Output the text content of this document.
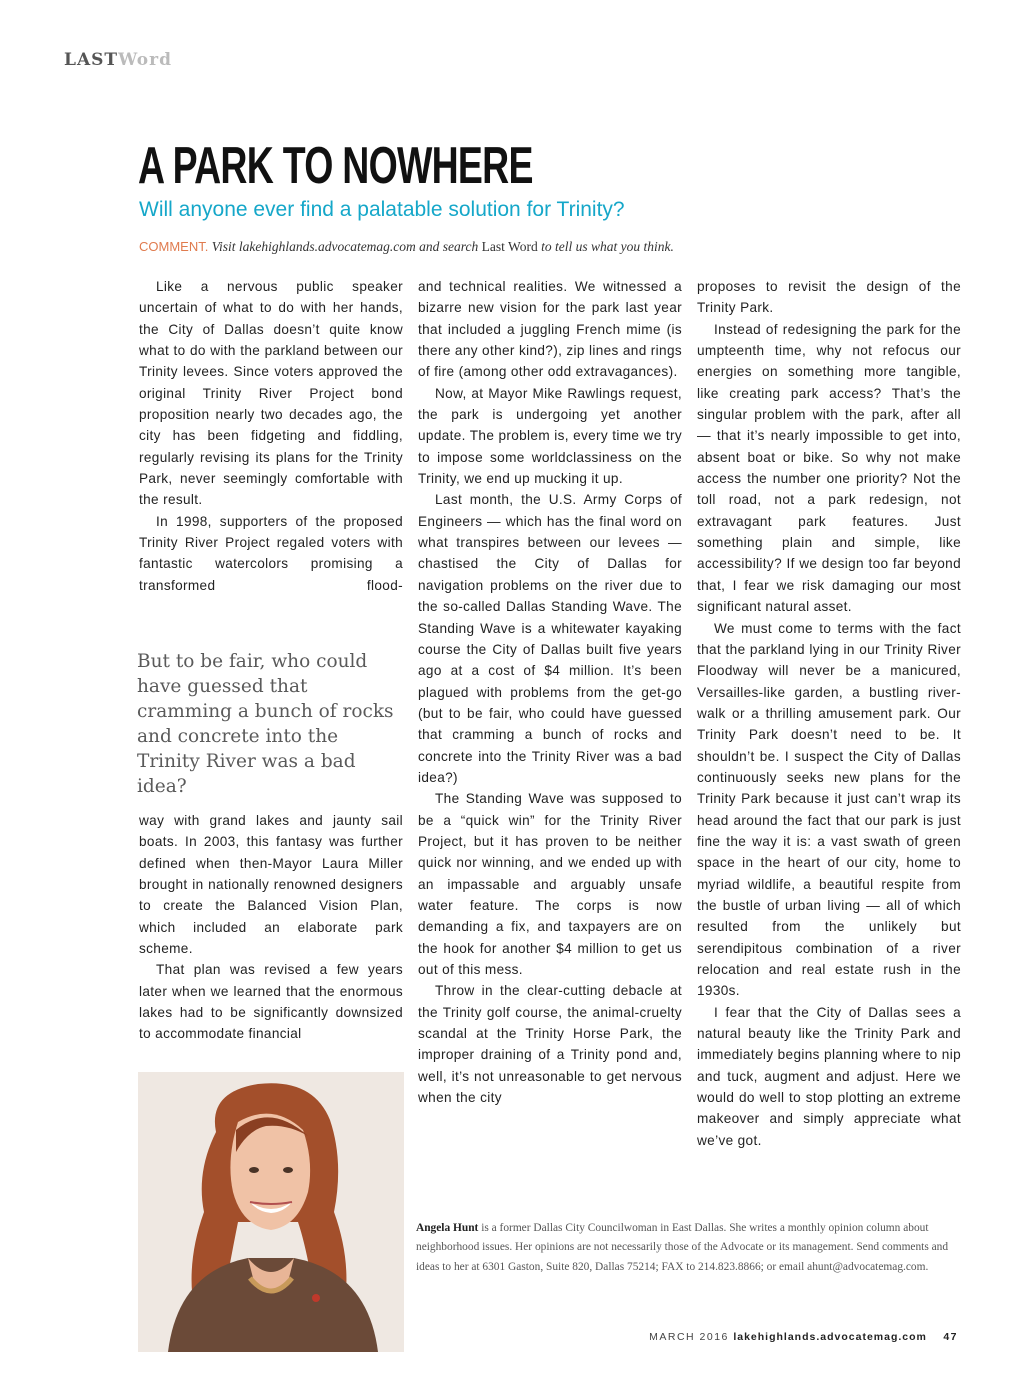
LASTWord
A PARK TO NOWHERE
Will anyone ever find a palatable solution for Trinity?
COMMENT. Visit lakehighlands.advocatemag.com and search Last Word to tell us what you think.

Like a nervous public speaker uncertain of what to do with her hands, the City of Dallas doesn’t quite know what to do with the parkland between our Trinity levees. Since voters approved the original Trinity River Project bond proposition nearly two decades ago, the city has been fidgeting and fiddling, regularly revising its plans for the Trinity Park, never seemingly comfortable with the result.

In 1998, supporters of the proposed Trinity River Project regaled voters with fantastic watercolors promising a transformed flood-

But to be fair, who could have guessed that cramming a bunch of rocks and concrete into the Trinity River was a bad idea?

way with grand lakes and jaunty sail boats. In 2003, this fantasy was further defined when then-Mayor Laura Miller brought in nationally renowned designers to create the Balanced Vision Plan, which included an elaborate park scheme.

That plan was revised a few years later when we learned that the enormous lakes had to be significantly downsized to accommodate financial

and technical realities. We witnessed a bizarre new vision for the park last year that included a juggling French mime (is there any other kind?), zip lines and rings of fire (among other odd extravagances).

Now, at Mayor Mike Rawlings request, the park is undergoing yet another update. The problem is, every time we try to impose some worldclassiness on the Trinity, we end up mucking it up.

Last month, the U.S. Army Corps of Engineers — which has the final word on what transpires between our levees — chastised the City of Dallas for navigation problems on the river due to the so-called Dallas Standing Wave. The Standing Wave is a whitewater kayaking course the City of Dallas built five years ago at a cost of $4 million. It’s been plagued with problems from the get-go (but to be fair, who could have guessed that cramming a bunch of rocks and concrete into the Trinity River was a bad idea?)

The Standing Wave was supposed to be a “quick win” for the Trinity River Project, but it has proven to be neither quick nor winning, and we ended up with an impassable and arguably unsafe water feature. The corps is now demanding a fix, and taxpayers are on the hook for another $4 million to get us out of this mess.

Throw in the clear-cutting debacle at the Trinity golf course, the animal-cruelty scandal at the Trinity Horse Park, the improper draining of a Trinity pond and, well, it’s not unreasonable to get nervous when the city

proposes to revisit the design of the Trinity Park.

Instead of redesigning the park for the umpteenth time, why not refocus our energies on something more tangible, like creating park access? That’s the singular problem with the park, after all — that it’s nearly impossible to get into, absent boat or bike. So why not make access the number one priority? Not the toll road, not a park redesign, not extravagant park features. Just something plain and simple, like accessibility? If we design too far beyond that, I fear we risk damaging our most significant natural asset.

We must come to terms with the fact that the parkland lying in our Trinity River Floodway will never be a manicured, Versailles-like garden, a bustling river-walk or a thrilling amusement park. Our Trinity Park doesn’t need to be. It shouldn’t be. I suspect the City of Dallas continuously seeks new plans for the Trinity Park because it just can’t wrap its head around the fact that our park is just fine the way it is: a vast swath of green space in the heart of our city, home to myriad wildlife, a beautiful respite from the bustle of urban living — all of which resulted from the unlikely but serendipitous combination of a river relocation and real estate rush in the 1930s.

I fear that the City of Dallas sees a natural beauty like the Trinity Park and immediately begins planning where to nip and tuck, augment and adjust. Here we would do well to stop plotting an extreme makeover and simply appreciate what we’ve got.

Angela Hunt is a former Dallas City Councilwoman in East Dallas. She writes a monthly opinion column about neighborhood issues. Her opinions are not necessarily those of the Advocate or its management. Send comments and ideas to her at 6301 Gaston, Suite 820, Dallas 75214; FAX to 214.823.8866; or email ahunt@advocatemag.com.
MARCH 2016 lakehighlands.advocatemag.com 47
